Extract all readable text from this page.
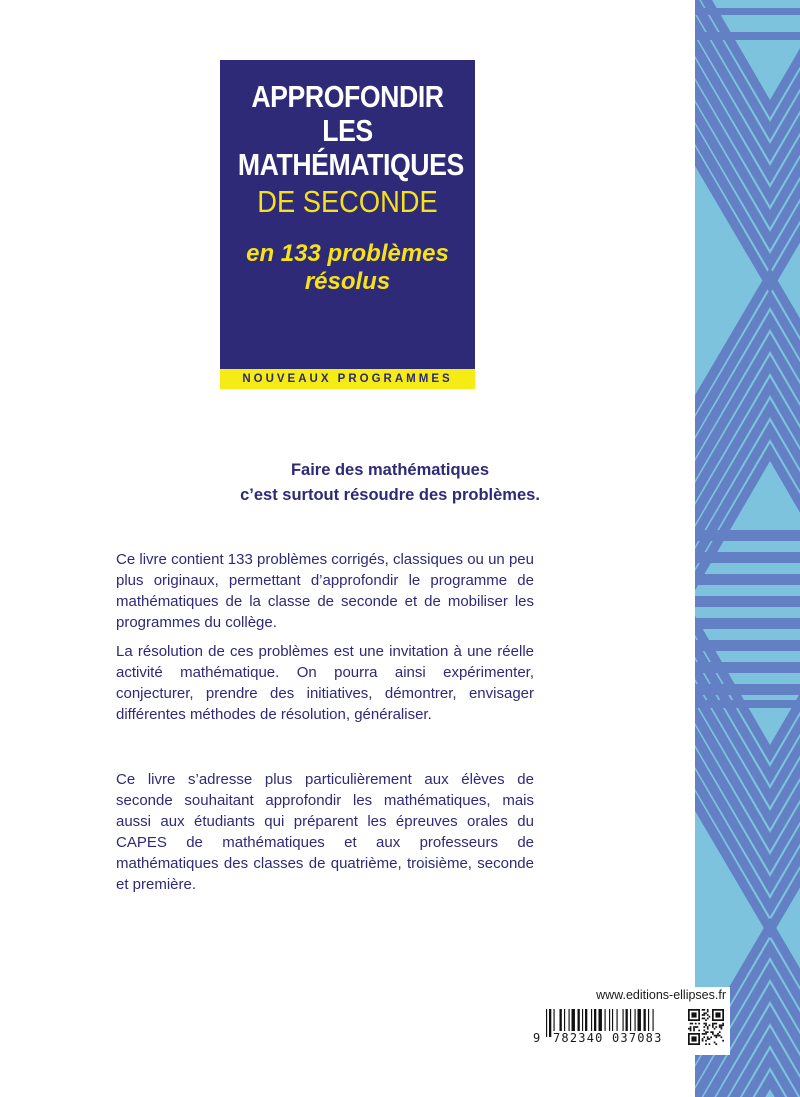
APPROFONDIR
LES
MATHÉMATIQUES
DE SECONDE
en 133 problèmes
résolus
NOUVEAUX PROGRAMMES
Faire des mathématiques
c’est surtout résoudre des problèmes.

Ce livre contient 133 problèmes corrigés, classiques ou un peu plus originaux, permettant d’approfondir le programme de mathématiques de la classe de seconde et de mobiliser les programmes du collège.

La résolution de ces problèmes est une invitation à une réelle activité mathématique. On pourra ainsi expérimenter, conjecturer, prendre des initiatives, démontrer, envisager différentes méthodes de résolution, généraliser.

Ce livre s’adresse plus particulièrement aux élèves de seconde souhaitant approfondir les mathématiques, mais aussi aux étudiants qui préparent les épreuves orales du CAPES de mathématiques et aux professeurs de mathématiques des classes de quatrième, troisième, seconde et première.

www.editions-ellipses.fr
9 782340 037083
